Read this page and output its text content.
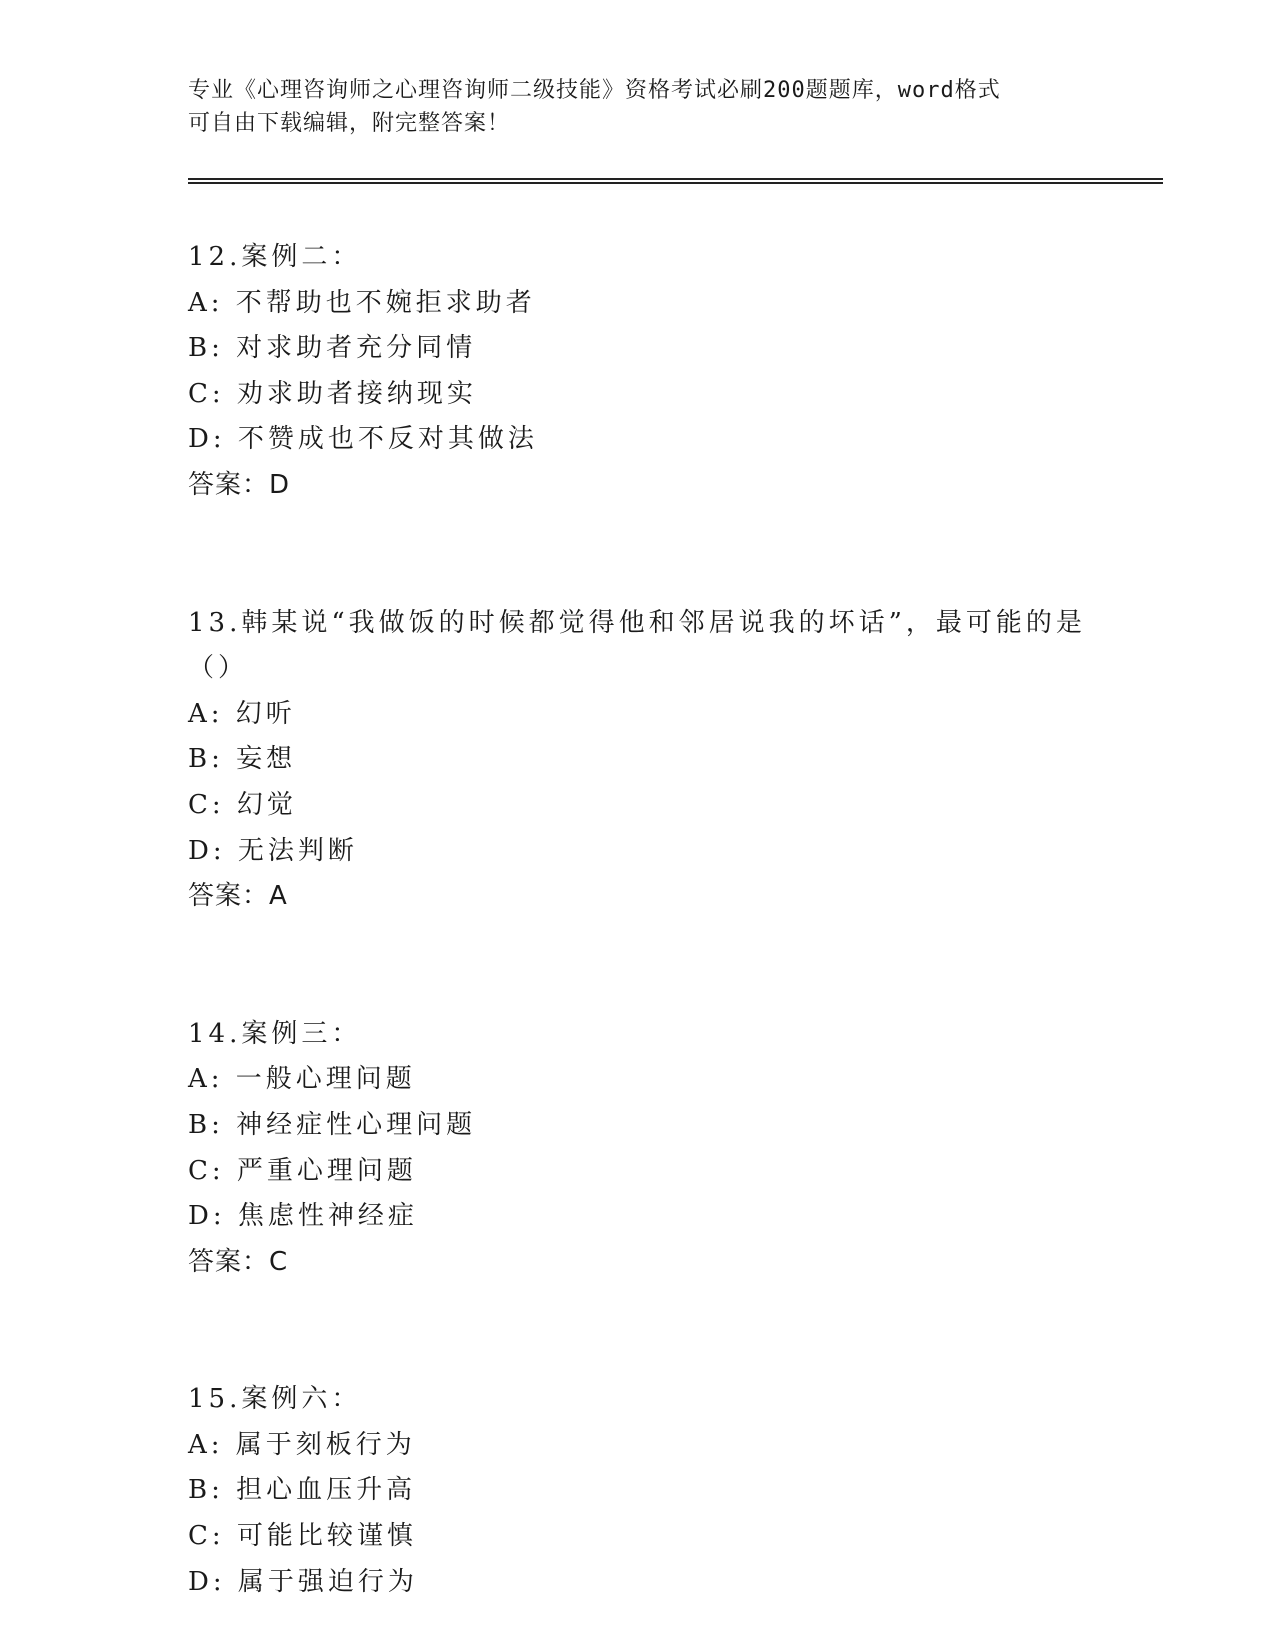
专业《心理咨询师之心理咨询师二级技能》资格考试必刷200题题库，word格式
可自由下载编辑，附完整答案！
12.案例二：
A: 不帮助也不婉拒求助者
B: 对求助者充分同情
C: 劝求助者接纳现实
D: 不赞成也不反对其做法
答案：D
13.韩某说“我做饭的时候都觉得他和邻居说我的坏话”，最可能的是
（）
A: 幻听
B: 妄想
C: 幻觉
D: 无法判断
答案：A
14.案例三：
A: 一般心理问题
B: 神经症性心理问题
C: 严重心理问题
D: 焦虑性神经症
答案：C
15.案例六：
A: 属于刻板行为
B: 担心血压升高
C: 可能比较谨慎
D: 属于强迫行为
